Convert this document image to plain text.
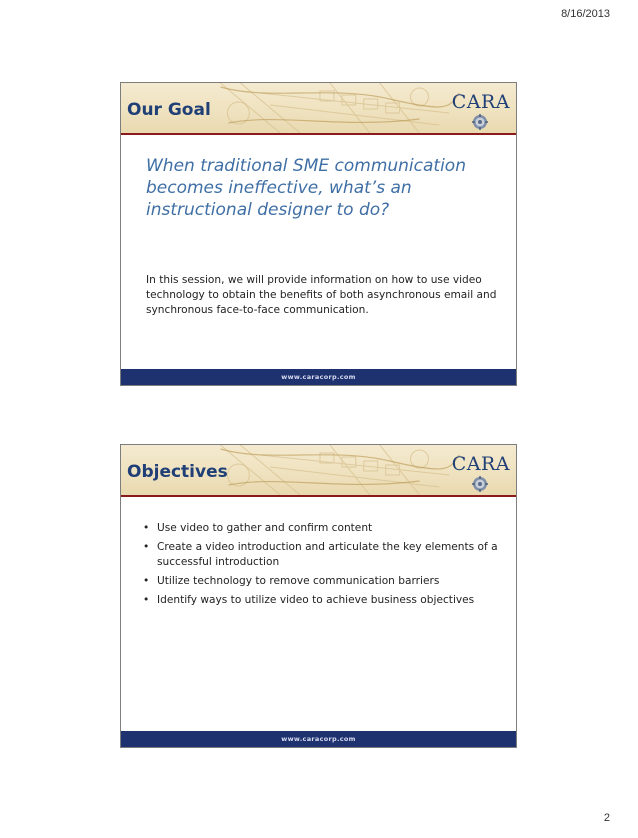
8/16/2013
Our Goal	CARA
When traditional SME communication becomes ineffective, what’s an instructional designer to do?
In this session, we will provide information on how to use video technology to obtain the benefits of both asynchronous email and synchronous face-to-face communication.
www.caracorp.com
Objectives	CARA
• Use video to gather and confirm content
• Create a video introduction and articulate the key elements of a successful introduction
• Utilize technology to remove communication barriers
• Identify ways to utilize video to achieve business objectives
www.caracorp.com
2
